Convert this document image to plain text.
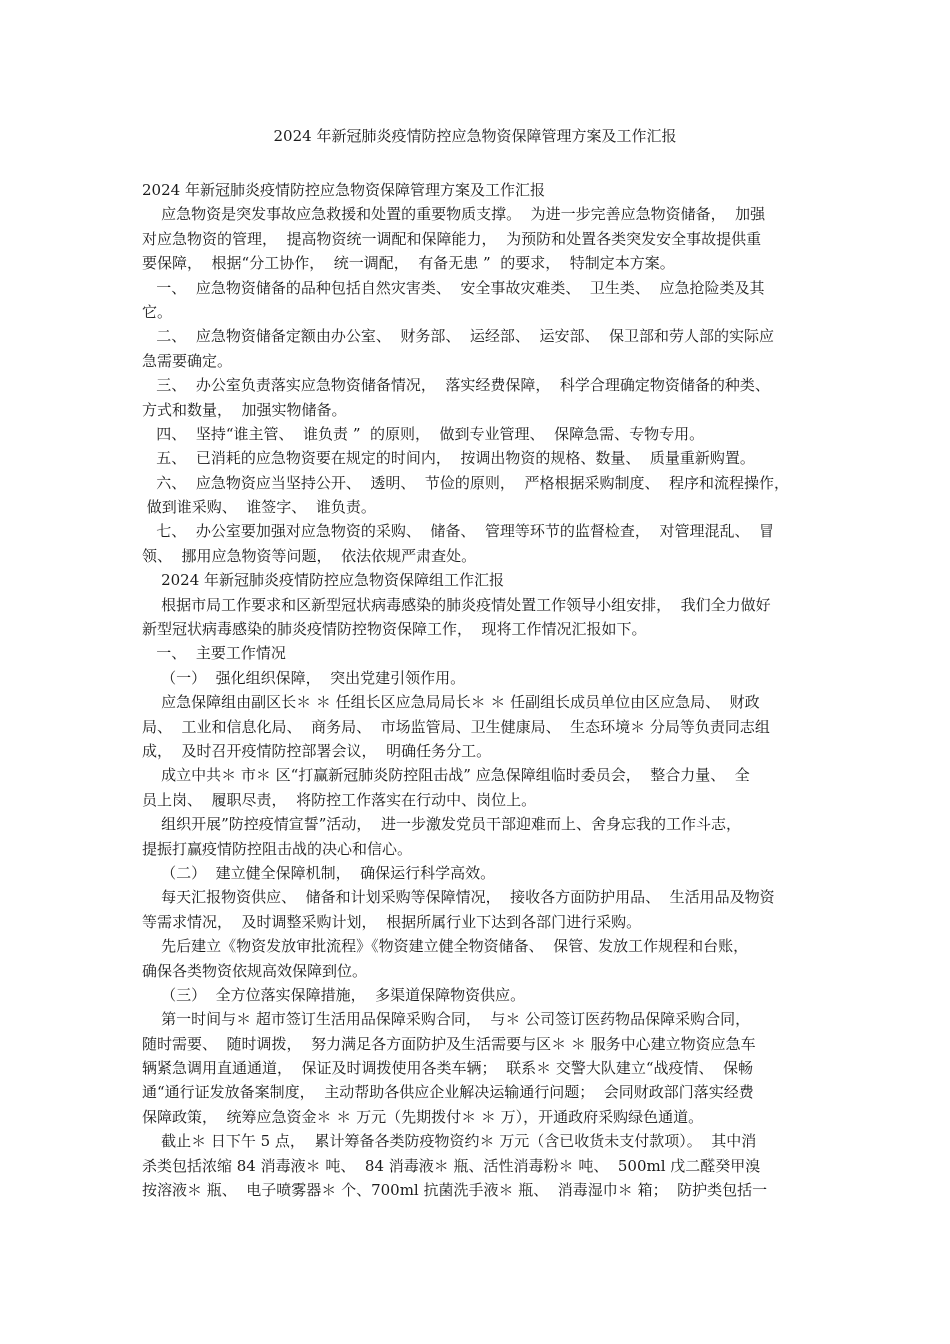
2024 年新冠肺炎疫情防控应急物资保障管理方案及工作汇报
2024 年新冠肺炎疫情防控应急物资保障管理方案及工作汇报
应急物资是突发事故应急救援和处置的重要物质支撑。  为进一步完善应急物资储备，  加强
对应急物资的管理，  提高物资统一调配和保障能力，  为预防和处置各类突发安全事故提供重
要保障，  根据“分工协作，  统一调配，  有备无患 ”  的要求，  特制定本方案。
一、  应急物资储备的品种包括自然灾害类、  安全事故灾难类、  卫生类、  应急抢险类及其
它。
二、  应急物资储备定额由办公室、  财务部、  运经部、  运安部、  保卫部和劳人部的实际应
急需要确定。
三、  办公室负责落实应急物资储备情况，  落实经费保障，  科学合理确定物资储备的种类、
方式和数量，  加强实物储备。
四、  坚持“谁主管、  谁负责 ”  的原则，  做到专业管理、  保障急需、专物专用。
五、  已消耗的应急物资要在规定的时间内，  按调出物资的规格、数量、  质量重新购置。
六、  应急物资应当坚持公开、  透明、  节俭的原则，  严格根据采购制度、  程序和流程操作，
做到谁采购、  谁签字、  谁负责。
七、  办公室要加强对应急物资的采购、  储备、  管理等环节的监督检查，  对管理混乱、  冒
领、  挪用应急物资等问题，  依法依规严肃查处。
2024 年新冠肺炎疫情防控应急物资保障组工作汇报
根据市局工作要求和区新型冠状病毒感染的肺炎疫情处置工作领导小组安排，  我们全力做好
新型冠状病毒感染的肺炎疫情防控物资保障工作，  现将工作情况汇报如下。
一、  主要工作情况
（一）  强化组织保障，  突出党建引领作用。
应急保障组由副区长＊ ＊ 任组长区应急局局长＊ ＊ 任副组长成员单位由区应急局、  财政
局、  工业和信息化局、  商务局、  市场监管局、卫生健康局、  生态环境＊ 分局等负责同志组
成，  及时召开疫情防控部署会议，  明确任务分工。
成立中共＊ 市＊ 区“打赢新冠肺炎防控阻击战” 应急保障组临时委员会，  整合力量、  全
员上岗、  履职尽责，  将防控工作落实在行动中、岗位上。
组织开展”防控疫情宣誓”活动，  进一步激发党员干部迎难而上、舍身忘我的工作斗志，
提振打赢疫情防控阻击战的决心和信心。
（二）  建立健全保障机制，  确保运行科学高效。
每天汇报物资供应、  储备和计划采购等保障情况，  接收各方面防护用品、  生活用品及物资
等需求情况，  及时调整采购计划，  根据所属行业下达到各部门进行采购。
先后建立《物资发放审批流程》《物资建立健全物资储备、  保管、发放工作规程和台账，
确保各类物资依规高效保障到位。
（三）  全方位落实保障措施，  多渠道保障物资供应。
第一时间与＊ 超市签订生活用品保障采购合同，  与＊ 公司签订医药物品保障采购合同，
随时需要、  随时调拨，  努力满足各方面防护及生活需要与区＊ ＊ 服务中心建立物资应急车
辆紧急调用直通通道，  保证及时调拨使用各类车辆；  联系＊ 交警大队建立“战疫情、  保畅
通“通行证发放备案制度，  主动帮助各供应企业解决运输通行问题；  会同财政部门落实经费
保障政策，  统筹应急资金＊ ＊ 万元（先期拨付＊ ＊ 万），开通政府采购绿色通道。
截止＊ 日下午 5 点，  累计筹备各类防疫物资约＊ 万元（含已收货未支付款项）。  其中消
杀类包括浓缩 84 消毒液＊ 吨、  84 消毒液＊ 瓶、活性消毒粉＊ 吨、  500ml 戊二醛癸甲溴
按溶液＊ 瓶、  电子喷雾器＊ 个、700ml 抗菌洗手液＊ 瓶、  消毒湿巾＊ 箱；  防护类包括一
